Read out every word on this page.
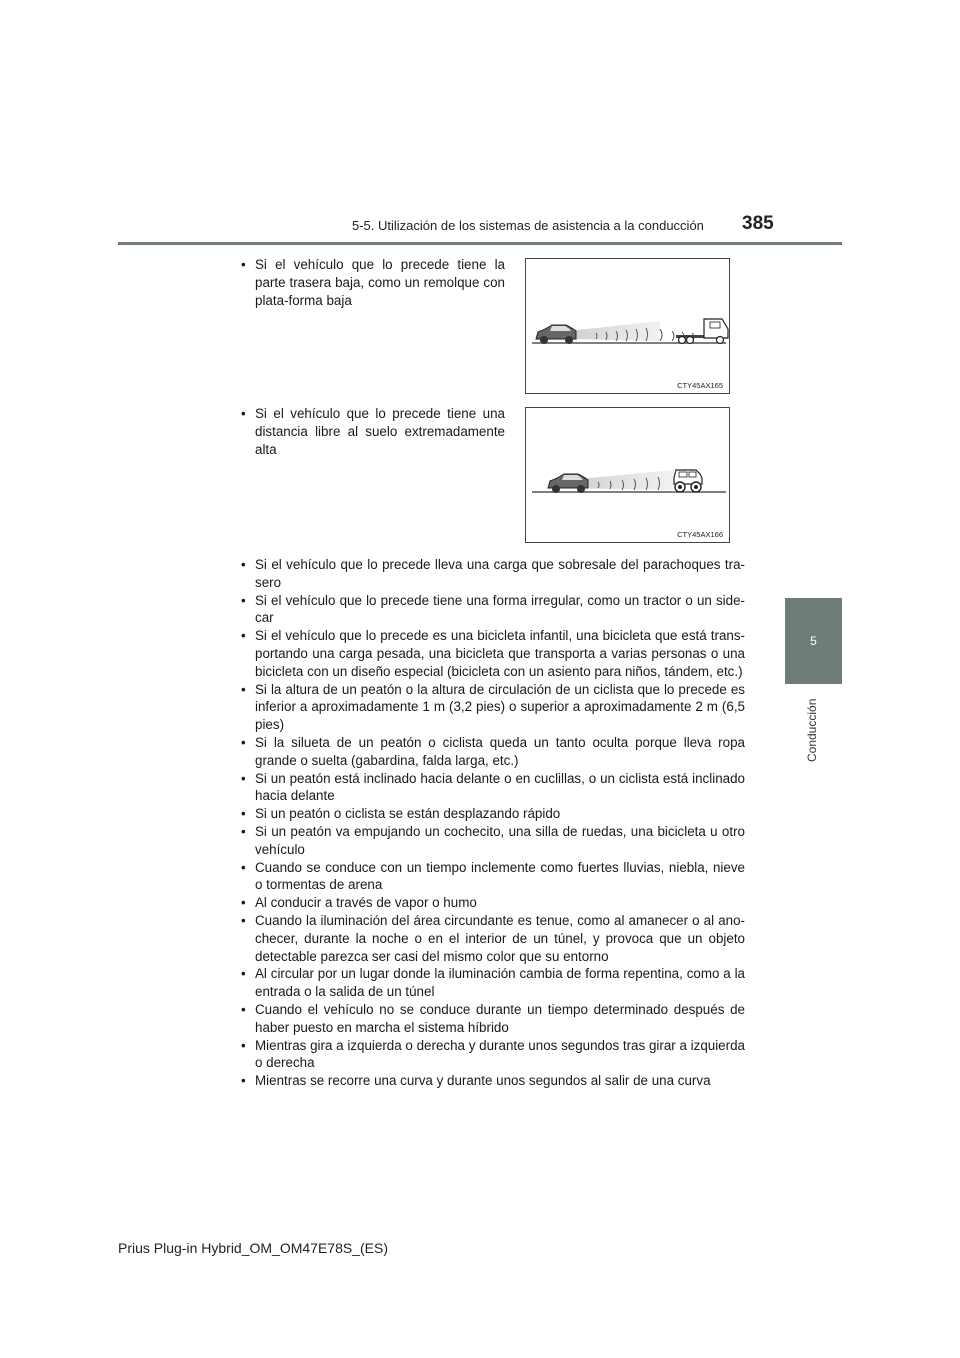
5-5. Utilización de los sistemas de asistencia a la conducción 385
5
Conducción
• Si el vehículo que lo precede tiene la parte trasera baja, como un remolque con plata-forma baja
CTY45AX165
• Si el vehículo que lo precede tiene una distancia libre al suelo extremadamente alta
CTY45AX166
• Si el vehículo que lo precede lleva una carga que sobresale del parachoques tra-sero
• Si el vehículo que lo precede tiene una forma irregular, como un tractor o un side-car
• Si el vehículo que lo precede es una bicicleta infantil, una bicicleta que está trans-portando una carga pesada, una bicicleta que transporta a varias personas o una bicicleta con un diseño especial (bicicleta con un asiento para niños, tándem, etc.)
• Si la altura de un peatón o la altura de circulación de un ciclista que lo precede es inferior a aproximadamente 1 m (3,2 pies) o superior a aproximadamente 2 m (6,5 pies)
• Si la silueta de un peatón o ciclista queda un tanto oculta porque lleva ropa grande o suelta (gabardina, falda larga, etc.)
• Si un peatón está inclinado hacia delante o en cuclillas, o un ciclista está inclinado hacia delante
• Si un peatón o ciclista se están desplazando rápido
• Si un peatón va empujando un cochecito, una silla de ruedas, una bicicleta u otro vehículo
• Cuando se conduce con un tiempo inclemente como fuertes lluvias, niebla, nieve o tormentas de arena
• Al conducir a través de vapor o humo
• Cuando la iluminación del área circundante es tenue, como al amanecer o al ano-checer, durante la noche o en el interior de un túnel, y provoca que un objeto detectable parezca ser casi del mismo color que su entorno
• Al circular por un lugar donde la iluminación cambia de forma repentina, como a la entrada o la salida de un túnel
• Cuando el vehículo no se conduce durante un tiempo determinado después de haber puesto en marcha el sistema híbrido
• Mientras gira a izquierda o derecha y durante unos segundos tras girar a izquierda o derecha
• Mientras se recorre una curva y durante unos segundos al salir de una curva
Prius Plug-in Hybrid_OM_OM47E78S_(ES)
